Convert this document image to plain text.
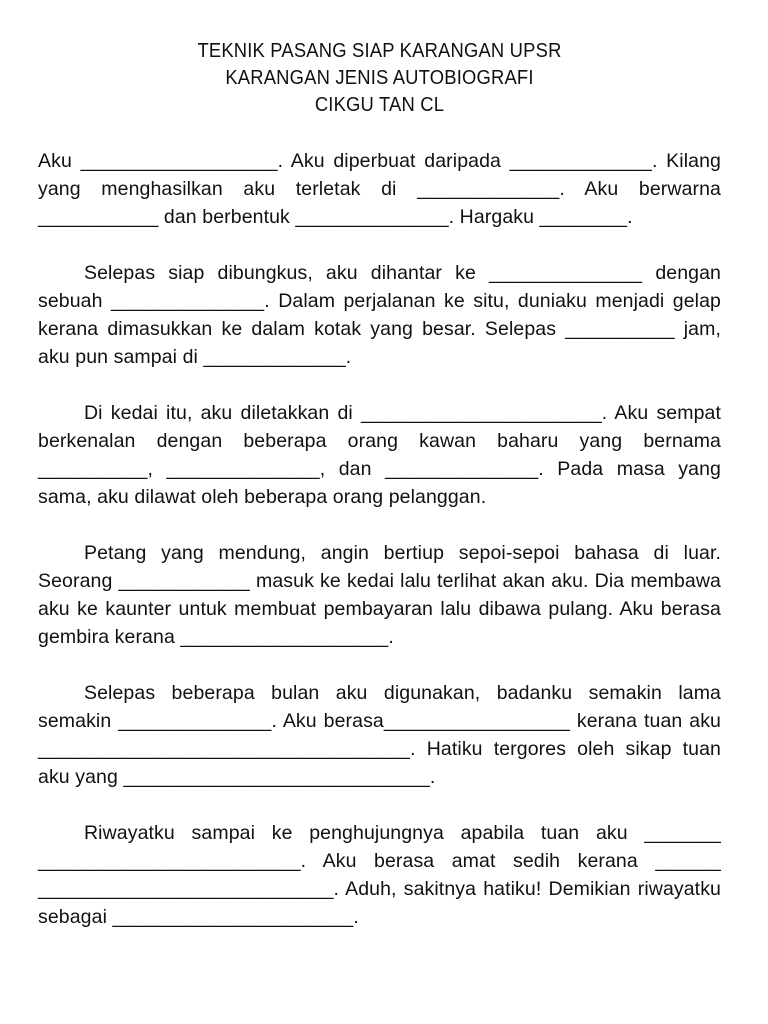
TEKNIK PASANG SIAP KARANGAN UPSR
KARANGAN JENIS AUTOBIOGRAFI
CIKGU TAN CL

Aku __________________. Aku diperbuat daripada _____________. Kilang yang menghasilkan aku terletak di _____________. Aku berwarna ___________ dan berbentuk ______________. Hargaku ________.

Selepas siap dibungkus, aku dihantar ke ______________ dengan sebuah ______________. Dalam perjalanan ke situ, duniaku menjadi gelap kerana dimasukkan ke dalam kotak yang besar. Selepas __________ jam, aku pun sampai di _____________.

Di kedai itu, aku diletakkan di ______________________. Aku sempat berkenalan dengan beberapa orang kawan baharu yang bernama __________, ______________, dan ______________. Pada masa yang sama, aku dilawat oleh beberapa orang pelanggan.

Petang yang mendung, angin bertiup sepoi-sepoi bahasa di luar. Seorang ____________ masuk ke kedai lalu terlihat akan aku. Dia membawa aku ke kaunter untuk membuat pembayaran lalu dibawa pulang. Aku berasa gembira kerana ___________________.

Selepas beberapa bulan aku digunakan, badanku semakin lama semakin ______________. Aku berasa_________________ kerana tuan aku __________________________________. Hatiku tergores oleh sikap tuan aku yang ____________________________.

Riwayatku sampai ke penghujungnya apabila tuan aku _______ ________________________. Aku berasa amat sedih kerana ______ ___________________________. Aduh, sakitnya hatiku! Demikian riwayatku sebagai ______________________.
